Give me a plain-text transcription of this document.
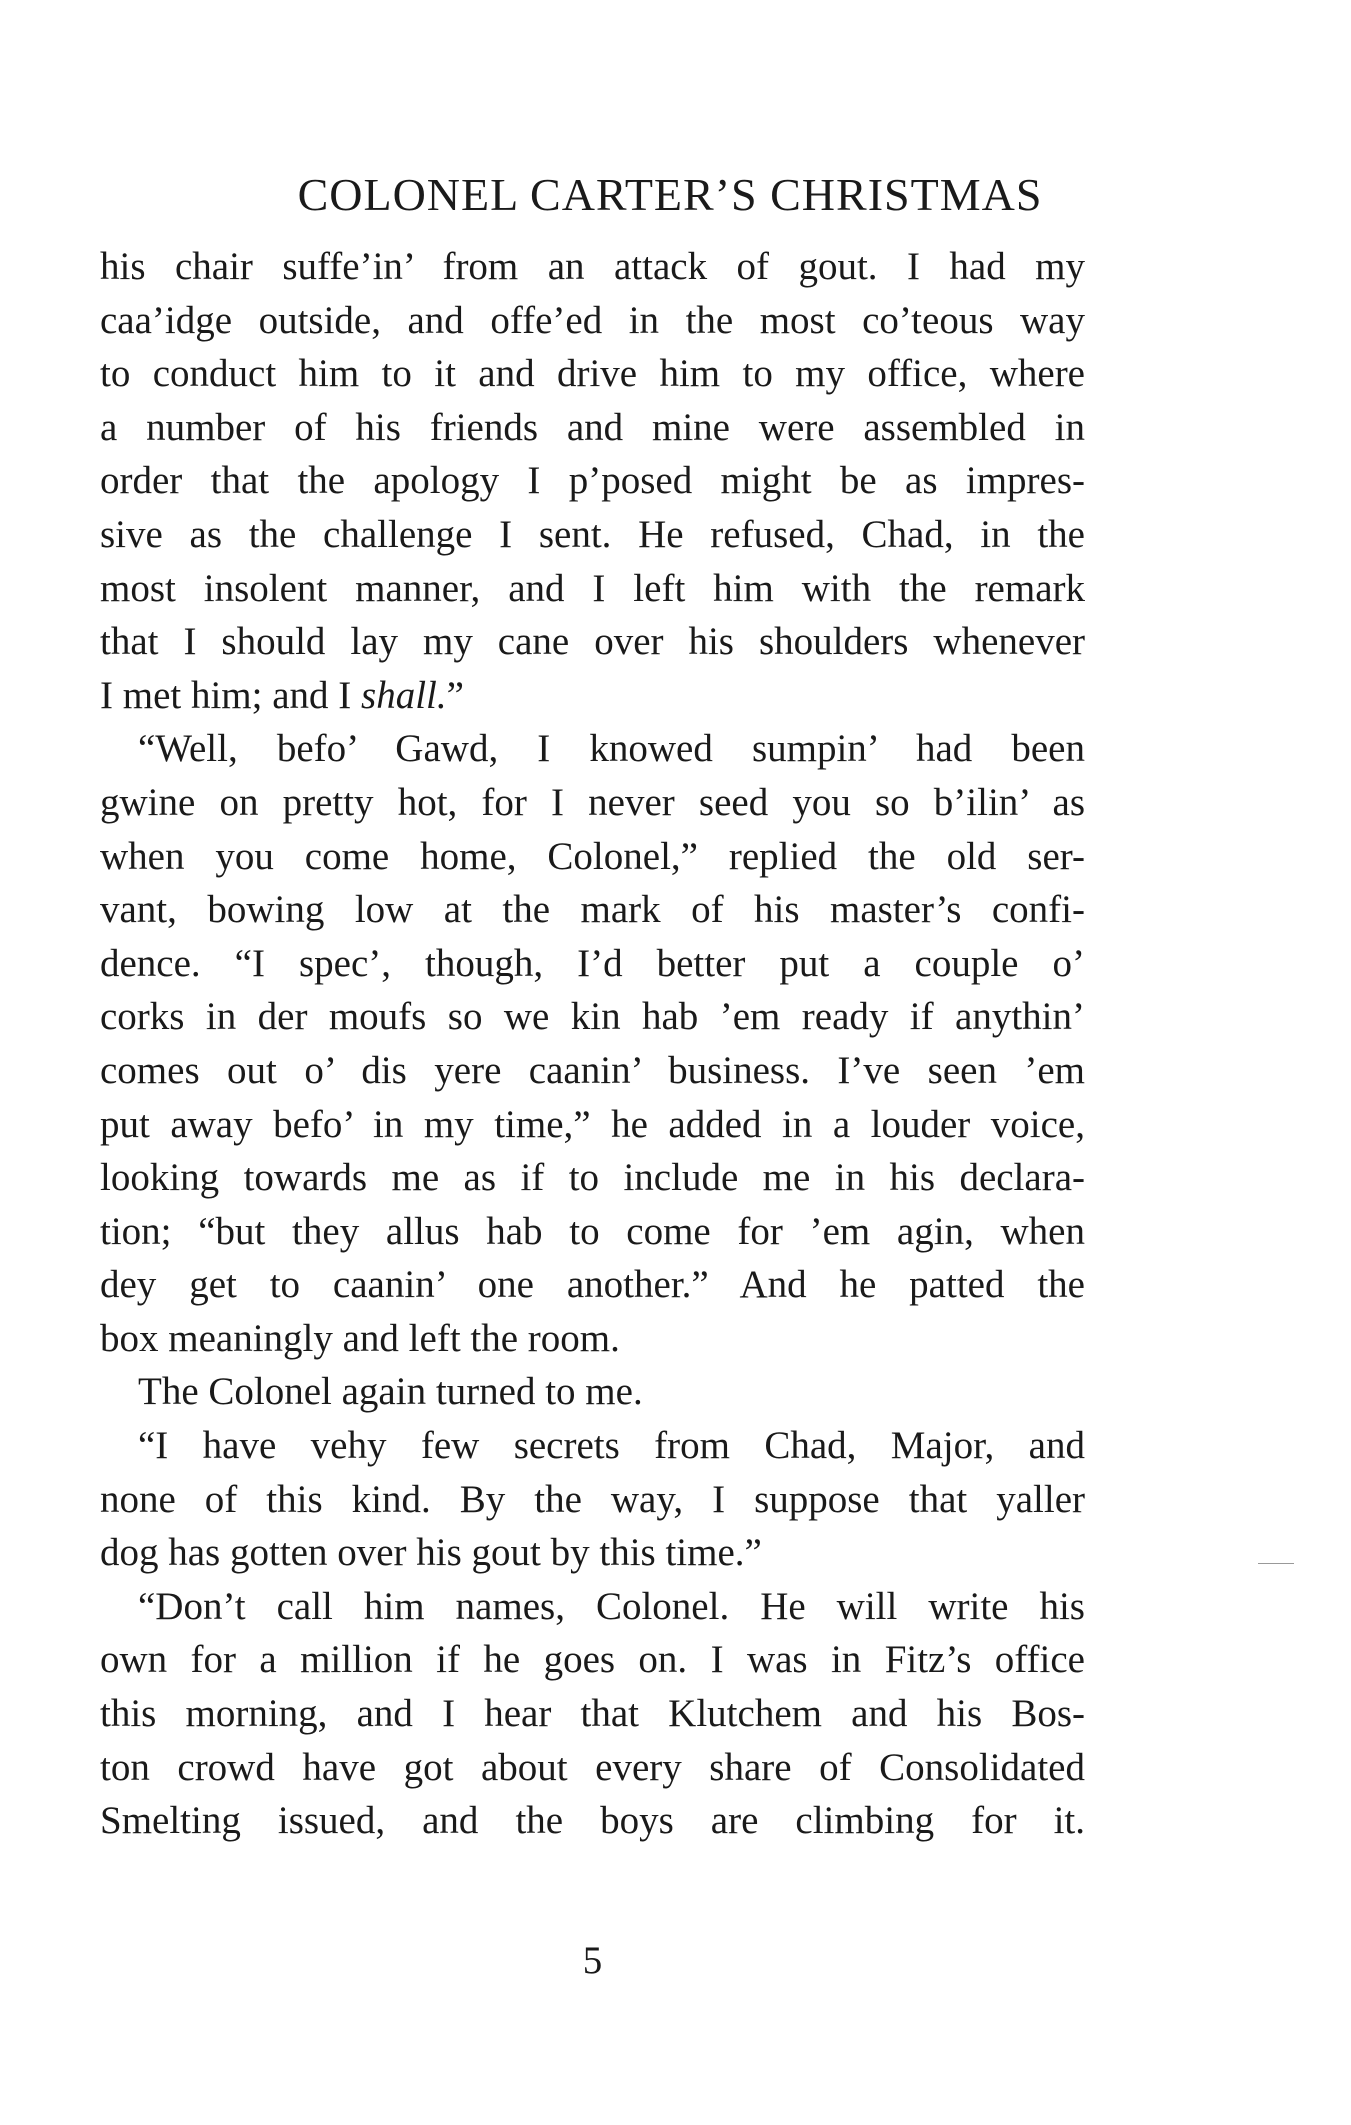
COLONEL CARTER’S CHRISTMAS
his chair suffe’in’ from an attack of gout. I had my
caa’idge outside, and offe’ed in the most co’teous way
to conduct him to it and drive him to my office, where
a number of his friends and mine were assembled in
order that the apology I p’posed might be as impres-
sive as the challenge I sent. He refused, Chad, in the
most insolent manner, and I left him with the remark
that I should lay my cane over his shoulders whenever
I met him; and I shall.”
“Well, befo’ Gawd, I knowed sumpin’ had been
gwine on pretty hot, for I never seed you so b’ilin’ as
when you come home, Colonel,” replied the old ser-
vant, bowing low at the mark of his master’s confi-
dence. “I spec’, though, I’d better put a couple o’
corks in der moufs so we kin hab ’em ready if anythin’
comes out o’ dis yere caanin’ business. I’ve seen ’em
put away befo’ in my time,” he added in a louder voice,
looking towards me as if to include me in his declara-
tion; “but they allus hab to come for ’em agin, when
dey get to caanin’ one another.” And he patted the
box meaningly and left the room.
The Colonel again turned to me.
“I have vehy few secrets from Chad, Major, and
none of this kind. By the way, I suppose that yaller
dog has gotten over his gout by this time.”
“Don’t call him names, Colonel. He will write his
own for a million if he goes on. I was in Fitz’s office
this morning, and I hear that Klutchem and his Bos-
ton crowd have got about every share of Consolidated
Smelting issued, and the boys are climbing for it.
5
